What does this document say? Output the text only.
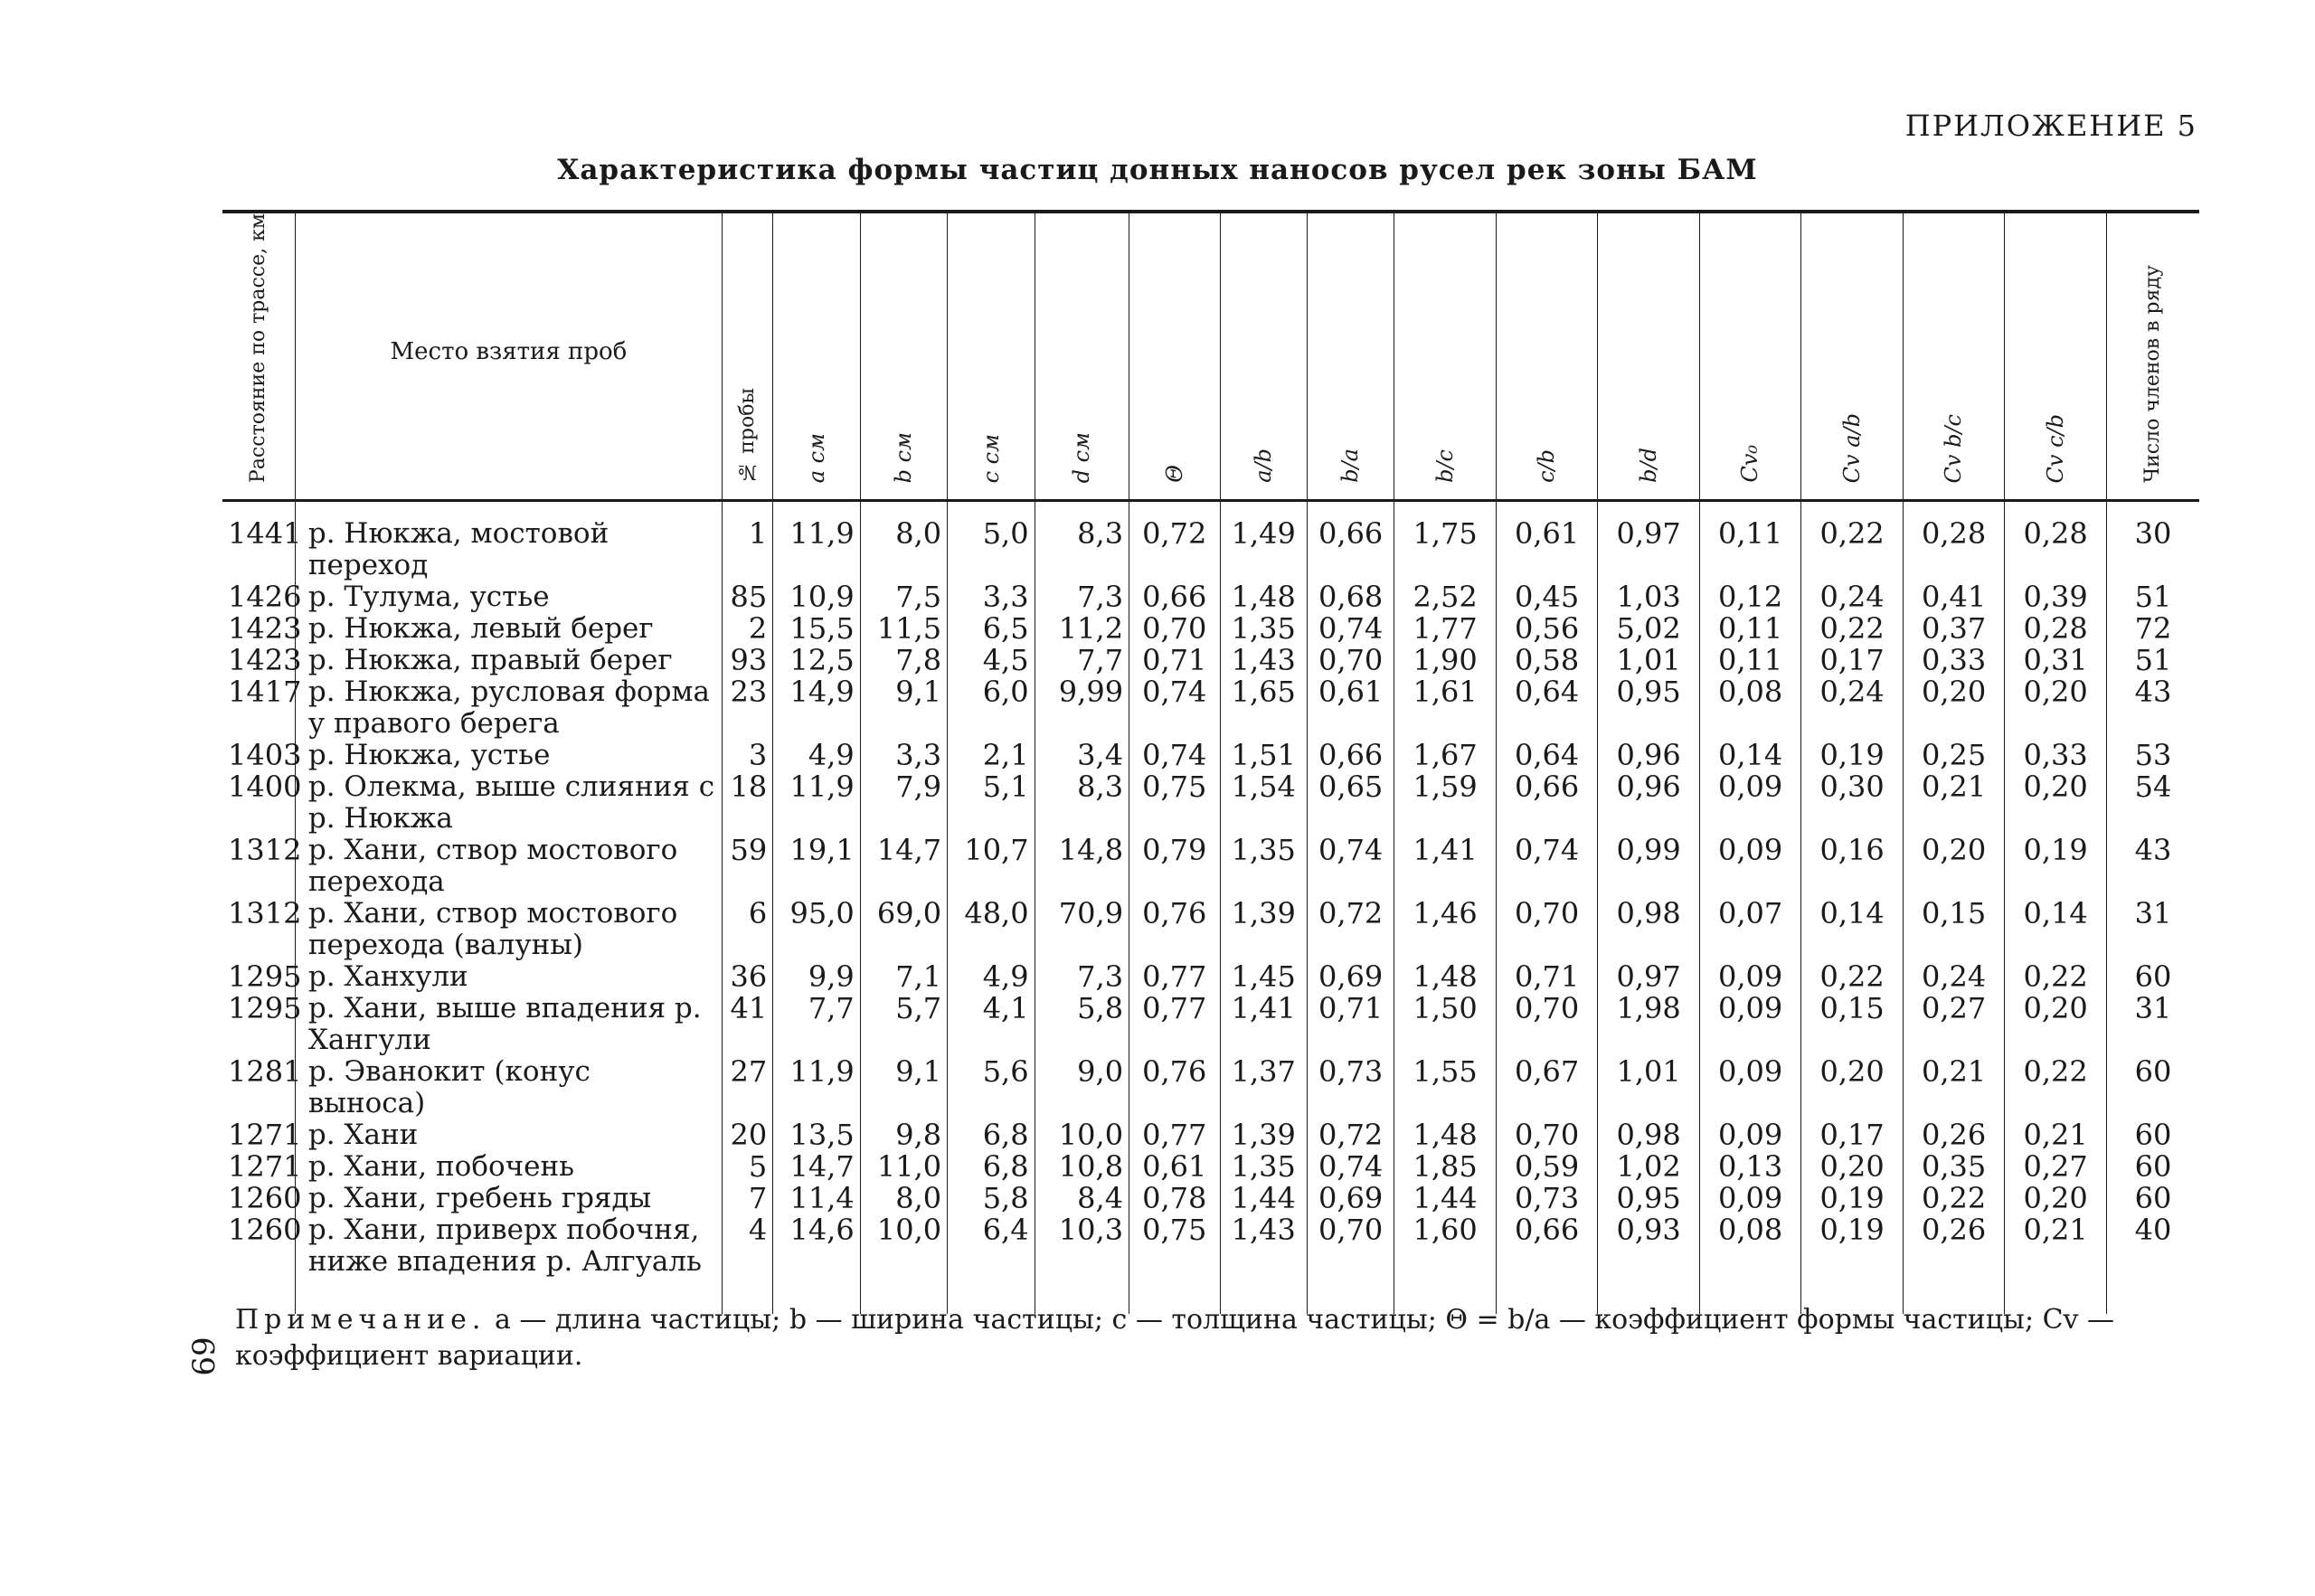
ПРИЛОЖЕНИЕ 5
Характеристика формы частиц донных наносов русел рек зоны БАМ
Расстояние по трассе, км	Место взятия проб	№ пробы	a см	b см	c см	d см	Θ	a/b	b/a	b/c	c/b	b/d	Cv₀	Cv a/b	Cv b/c	Cv c/b	Число членов в ряду
1441	р. Нюкжа, мостовой переход	1	11,9	8,0	5,0	8,3	0,72	1,49	0,66	1,75	0,61	0,97	0,11	0,22	0,28	0,28	30
1426	р. Тулума, устье	85	10,9	7,5	3,3	7,3	0,66	1,48	0,68	2,52	0,45	1,03	0,12	0,24	0,41	0,39	51
1423	р. Нюкжа, левый берег	2	15,5	11,5	6,5	11,2	0,70	1,35	0,74	1,77	0,56	5,02	0,11	0,22	0,37	0,28	72
1423	р. Нюкжа, правый берег	93	12,5	7,8	4,5	7,7	0,71	1,43	0,70	1,90	0,58	1,01	0,11	0,17	0,33	0,31	51
1417	р. Нюкжа, русловая форма у правого берега	23	14,9	9,1	6,0	9,99	0,74	1,65	0,61	1,61	0,64	0,95	0,08	0,24	0,20	0,20	43
1403	р. Нюкжа, устье	3	4,9	3,3	2,1	3,4	0,74	1,51	0,66	1,67	0,64	0,96	0,14	0,19	0,25	0,33	53
1400	р. Олекма, выше слияния с р. Нюкжа	18	11,9	7,9	5,1	8,3	0,75	1,54	0,65	1,59	0,66	0,96	0,09	0,30	0,21	0,20	54
1312	р. Хани, створ мостового перехода	59	19,1	14,7	10,7	14,8	0,79	1,35	0,74	1,41	0,74	0,99	0,09	0,16	0,20	0,19	43
1312	р. Хани, створ мостового перехода (валуны)	6	95,0	69,0	48,0	70,9	0,76	1,39	0,72	1,46	0,70	0,98	0,07	0,14	0,15	0,14	31
1295	р. Ханхули	36	9,9	7,1	4,9	7,3	0,77	1,45	0,69	1,48	0,71	0,97	0,09	0,22	0,24	0,22	60
1295	р. Хани, выше впадения р. Хангули	41	7,7	5,7	4,1	5,8	0,77	1,41	0,71	1,50	0,70	1,98	0,09	0,15	0,27	0,20	31
1281	р. Эванокит (конус выноса)	27	11,9	9,1	5,6	9,0	0,76	1,37	0,73	1,55	0,67	1,01	0,09	0,20	0,21	0,22	60
1271	р. Хани	20	13,5	9,8	6,8	10,0	0,77	1,39	0,72	1,48	0,70	0,98	0,09	0,17	0,26	0,21	60
1271	р. Хани, побочень	5	14,7	11,0	6,8	10,8	0,61	1,35	0,74	1,85	0,59	1,02	0,13	0,20	0,35	0,27	60
1260	р. Хани, гребень гряды	7	11,4	8,0	5,8	8,4	0,78	1,44	0,69	1,44	0,73	0,95	0,09	0,19	0,22	0,20	60
1260	р. Хани, приверх побочня, ниже впадения р. Алгуаль	4	14,6	10,0	6,4	10,3	0,75	1,43	0,70	1,60	0,66	0,93	0,08	0,19	0,26	0,21	40
Примечание. a — длина частицы; b — ширина частицы; c — толщина частицы; Θ = b/a — коэффициент формы частицы; Cv — коэффициент вариации.
69
